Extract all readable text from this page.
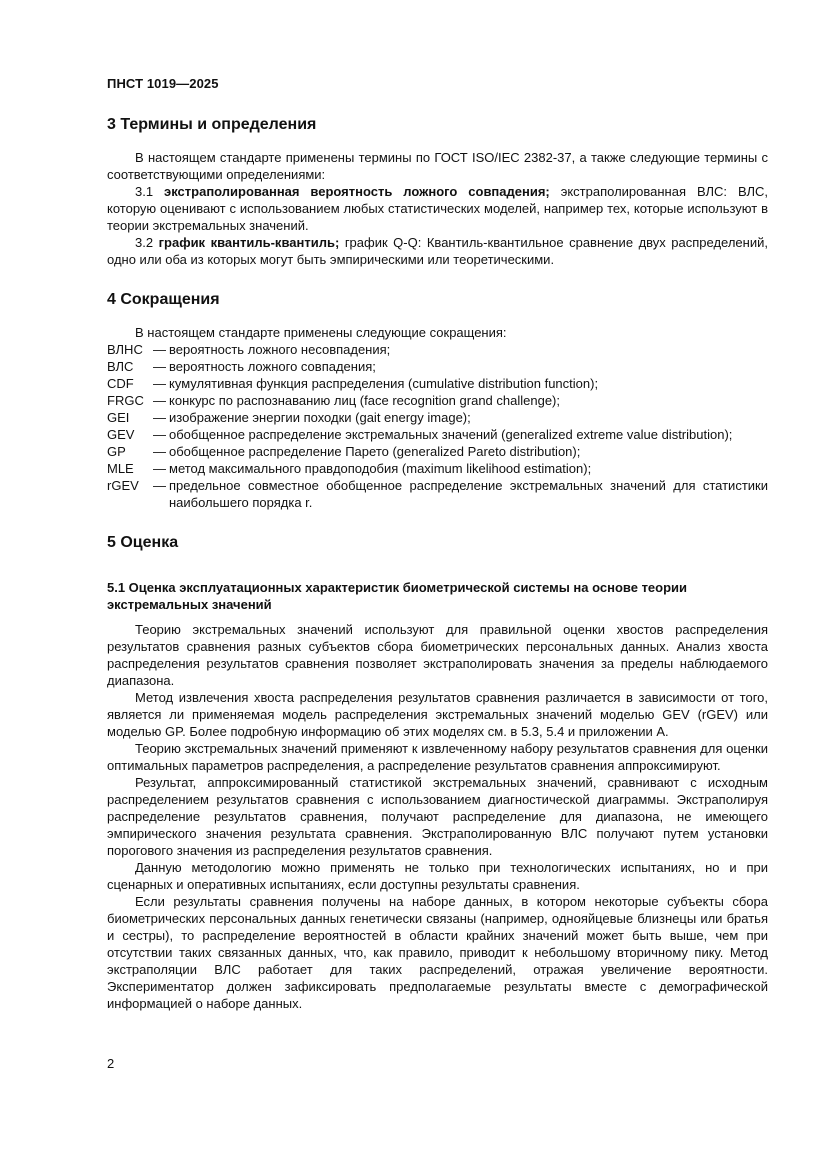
ПНСТ 1019—2025
3 Термины и определения

В настоящем стандарте применены термины по ГОСТ ISO/IEC 2382-37, а также следующие термины с соответствующими определениями:

3.1 экстраполированная вероятность ложного совпадения; экстраполированная ВЛС: ВЛС, которую оценивают с использованием любых статистических моделей, например тех, которые используют в теории экстремальных значений.

3.2 график квантиль-квантиль; график Q-Q: Квантиль-квантильное сравнение двух распределений, одно или оба из которых могут быть эмпирическими или теоретическими.

4 Сокращения

В настоящем стандарте применены следующие сокращения:

ВЛНС — вероятность ложного несовпадения;
ВЛС	— вероятность ложного совпадения;
CDF	— кумулятивная функция распределения (cumulative distribution function);
FRGC — конкурс по распознаванию лиц (face recognition grand challenge);
GEI	— изображение энергии походки (gait energy image);
GEV	— обобщенное распределение экстремальных значений (generalized extreme value distribution);
GP	— обобщенное распределение Парето (generalized Pareto distribution);
MLE	— метод максимального правдоподобия (maximum likelihood estimation);
rGEV	— предельное совместное обобщенное распределение экстремальных значений для статистики наибольшего порядка r.
5 Оценка
5.1 Оценка эксплуатационных характеристик биометрической системы на основе теории экстремальных значений

Теорию экстремальных значений используют для правильной оценки хвостов распределения результатов сравнения разных субъектов сбора биометрических персональных данных. Анализ хвоста распределения результатов сравнения позволяет экстраполировать значения за пределы наблюдаемого диапазона.

Метод извлечения хвоста распределения результатов сравнения различается в зависимости от того, является ли применяемая модель распределения экстремальных значений моделью GEV (rGEV) или моделью GP. Более подробную информацию об этих моделях см. в 5.3, 5.4 и приложении А.

Теорию экстремальных значений применяют к извлеченному набору результатов сравнения для оценки оптимальных параметров распределения, а распределение результатов сравнения аппроксимируют.

Результат, аппроксимированный статистикой экстремальных значений, сравнивают с исходным распределением результатов сравнения с использованием диагностической диаграммы. Экстраполируя распределение результатов сравнения, получают распределение для диапазона, не имеющего эмпирического значения результата сравнения. Экстраполированную ВЛС получают путем установки порогового значения из распределения результатов сравнения.

Данную методологию можно применять не только при технологических испытаниях, но и при сценарных и оперативных испытаниях, если доступны результаты сравнения.

Если результаты сравнения получены на наборе данных, в котором некоторые субъекты сбора биометрических персональных данных генетически связаны (например, однояйцевые близнецы или братья и сестры), то распределение вероятностей в области крайних значений может быть выше, чем при отсутствии таких связанных данных, что, как правило, приводит к небольшому вторичному пику. Метод экстраполяции ВЛС работает для таких распределений, отражая увеличение вероятности. Экспериментатор должен зафиксировать предполагаемые результаты вместе с демографической информацией о наборе данных.

2
